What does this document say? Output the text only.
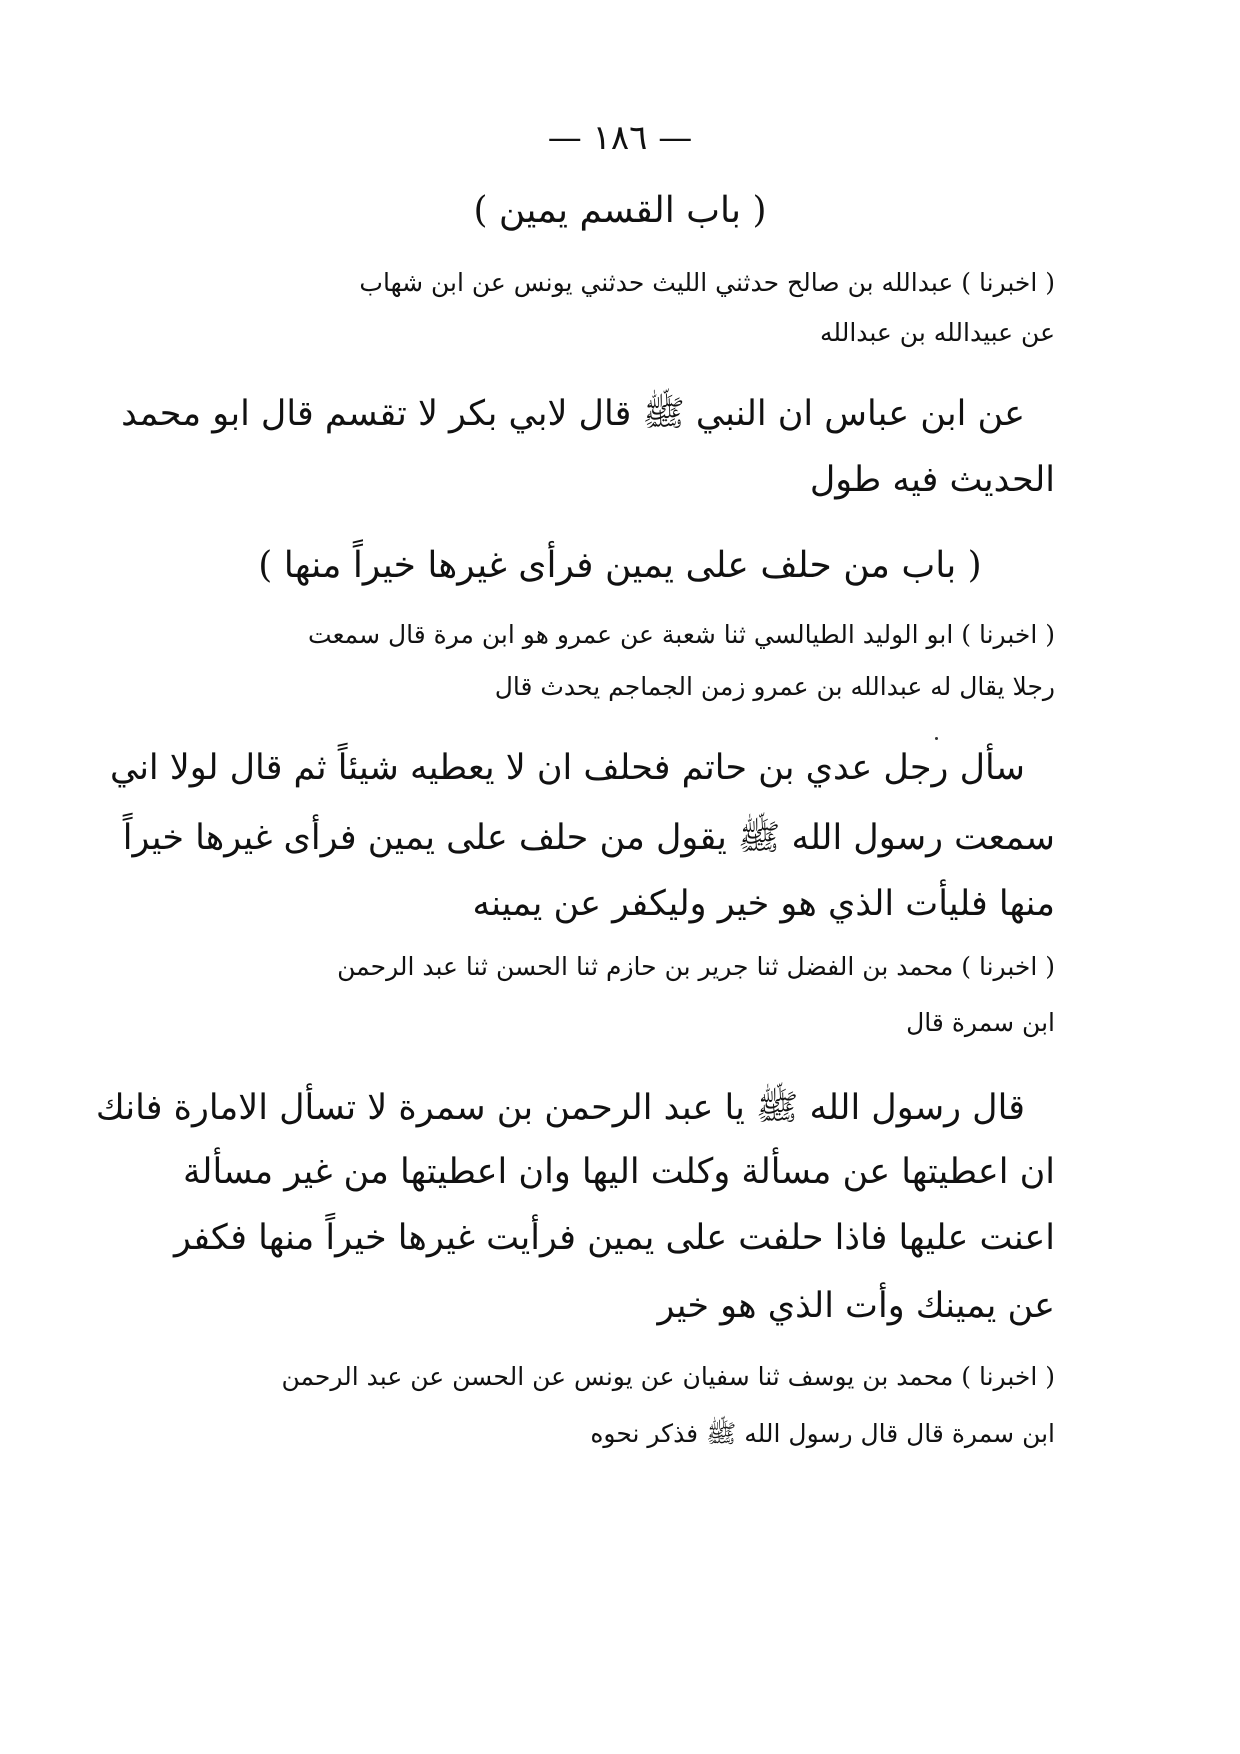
— ١٨٦ —
( باب القسم يمين )
( اخبرنا ) عبدالله بن صالح حدثني الليث حدثني يونس عن ابن شهاب
عن عبيدالله بن عبدالله
عن ابن عباس ان النبي ﷺ قال لابي بكر لا تقسم قال ابو محمد
الحديث فيه طول
( باب من حلف على يمين فرأى غيرها خيراً منها )
( اخبرنا ) ابو الوليد الطيالسي ثنا شعبة عن عمرو هو ابن مرة قال سمعت
رجلا يقال له عبدالله بن عمرو زمن الجماجم يحدث قال
سأل رجل عدي بن حاتم فحلف ان لا يعطيه شيئاً ثم قال لولا اني
سمعت رسول الله ﷺ يقول من حلف على يمين فرأى غيرها خيراً
منها فليأت الذي هو خير وليكفر عن يمينه
( اخبرنا ) محمد بن الفضل ثنا جرير بن حازم ثنا الحسن ثنا عبد الرحمن
ابن سمرة قال
قال رسول الله ﷺ يا عبد الرحمن بن سمرة لا تسأل الامارة فانك
ان اعطيتها عن مسألة وكلت اليها وان اعطيتها من غير مسألة
اعنت عليها فاذا حلفت على يمين فرأيت غيرها خيراً منها فكفر
عن يمينك وأت الذي هو خير
( اخبرنا ) محمد بن يوسف ثنا سفيان عن يونس عن الحسن عن عبد الرحمن
ابن سمرة قال قال رسول الله ﷺ فذكر نحوه
